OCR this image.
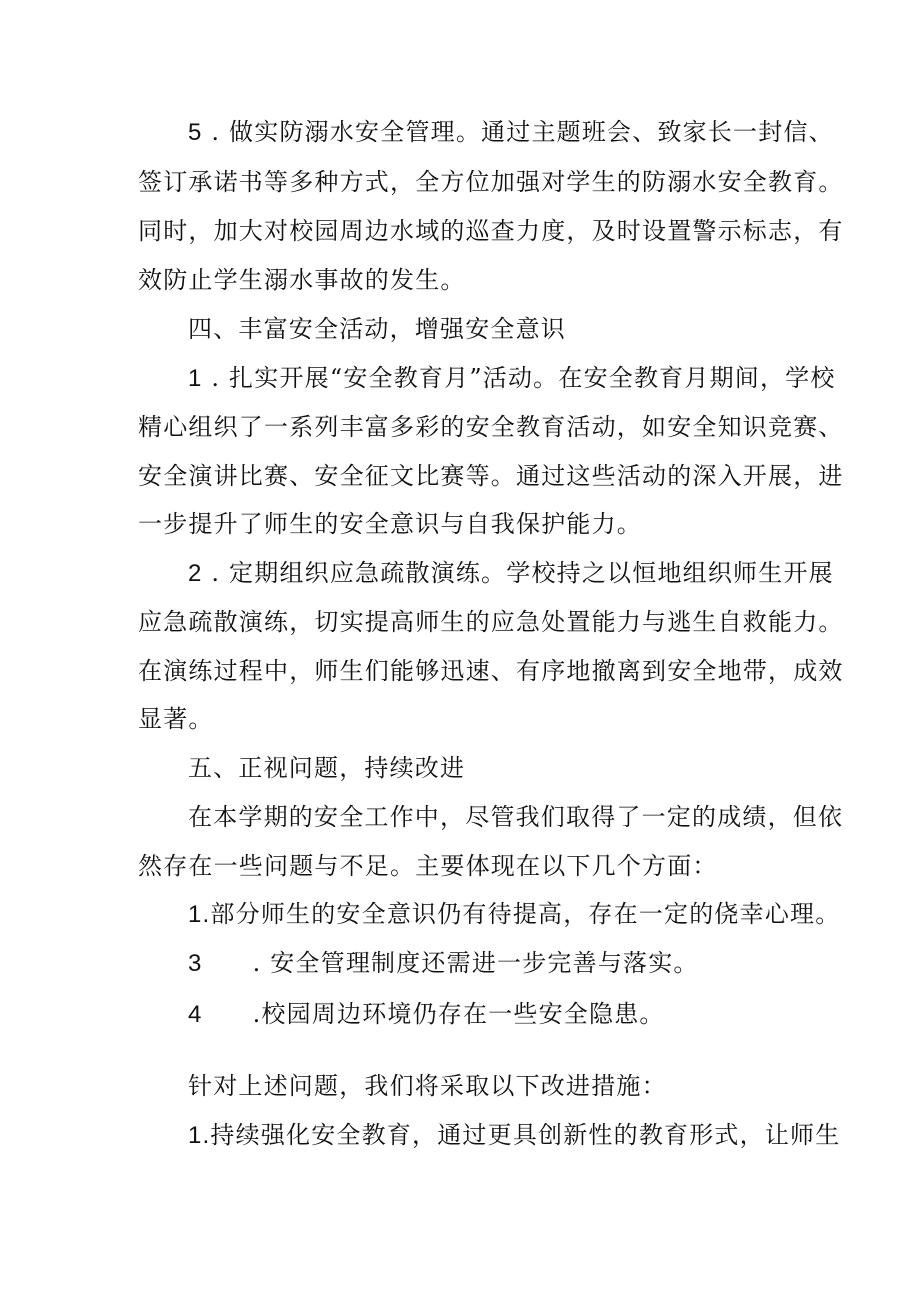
5 . 做实防溺水安全管理。通过主题班会、致家长一封信、
签订承诺书等多种方式，全方位加强对学生的防溺水安全教育。
同时，加大对校园周边水域的巡查力度，及时设置警示标志，有
效防止学生溺水事故的发生。
四、丰富安全活动，增强安全意识
1 . 扎实开展“安全教育月”活动。在安全教育月期间，学校
精心组织了一系列丰富多彩的安全教育活动，如安全知识竞赛、
安全演讲比赛、安全征文比赛等。通过这些活动的深入开展，进
一步提升了师生的安全意识与自我保护能力。
2 . 定期组织应急疏散演练。学校持之以恒地组织师生开展
应急疏散演练，切实提高师生的应急处置能力与逃生自救能力。
在演练过程中，师生们能够迅速、有序地撤离到安全地带，成效
显著。
五、正视问题，持续改进
在本学期的安全工作中，尽管我们取得了一定的成绩，但依
然存在一些问题与不足。主要体现在以下几个方面：
1.部分师生的安全意识仍有待提高，存在一定的侥幸心理。
3 . 安全管理制度还需进一步完善与落实。
4 .校园周边环境仍存在一些安全隐患。
针对上述问题，我们将采取以下改进措施：
1.持续强化安全教育，通过更具创新性的教育形式，让师生
